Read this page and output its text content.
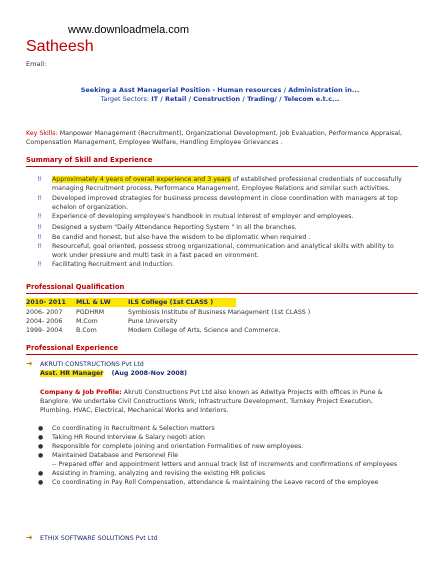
www.downloadmela.com
Satheesh
Email:
Seeking a Asst Managerial Position - Human resources / Administration in...
Target Sectors: IT / Retail / Construction / Trading/ / Telecom e.t.c...
Key Skills: Manpower Management (Recruitment), Organizational Development, Job Evaluation, Performance Appraisal,
Compensation Management, Employee Welfare, Handling Employee Grievances .
Summary of Skill and Experience
‼ Approximately 4 years of overall experience and 3 years of established professional credentials of successfully
managing Recruitment process, Performance Management, Employee Relations and similar such activities.
‼ Developed improved strategies for business process development in close coordination with managers at top
echelon of organization.
‼ Experience of developing employee's handbook in mutual interest of employer and employees.
‼ Designed a system "Daily Attendance Reporting System " in all the branches.
‼ Be candid and honest, but also have the wisdom to be diplomatic when required .
‼ Resourceful, goal oriented, possess strong organizational, communication and analytical skills with ability to
work under pressure and multi task in a fast paced en vironment.
‼ Facilitating Recruitment and Induction.
Professional Qualification
2010- 2011 MLL & LW	ILS College (1st CLASS )
2006- 2007 PGDHRM	Symbiosis Institute of Business Management (1st CLASS )
2004- 2006 M.Com	Pune University
1999- 2004 B.Com	Modern College of Arts, Science and Commerce.
Professional Experience
➔ AKRUTI CONSTRUCTIONS Pvt Ltd
Asst. HR Manager (Aug 2008-Nov 2008)
Company & Job Profile: Akruti Constructions Pvt Ltd also known as Adwitya Projects with offices in Pune &
Banglore. We undertake Civil Constructions Work, Infrastructure Development, Turnkey Project Execution,
Plumbing, HVAC, Electrical, Mechanical Works and Interiors.
● Co coordinating in Recruitment & Selection matters
● Taking HR Round Interview & Salary negoti ation
● Responsible for complete joining and orientation Formalities of new employees.
● Maintained Database and Personnel File
-- Prepared offer and appointment letters and annual track list of increments and confirmations of employees
● Assisting in framing, analyzing and revising the existing HR policies
● Co coordinating in Pay Roll Compensation, attendance & maintaining the Leave record of the employee
➔ ETHIX SOFTWARE SOLUTIONS Pvt Ltd
